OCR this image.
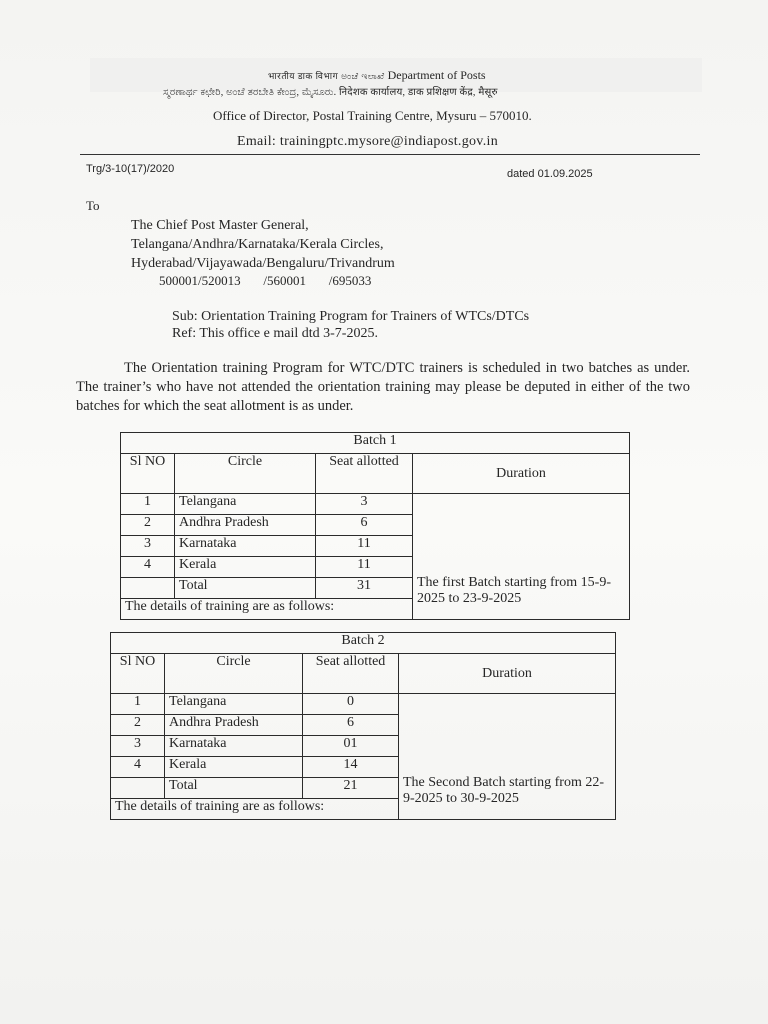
भारतीय डाक विभाग ಅಂಚೆ ಇಲಾಖೆ Department of Posts
ಸ್ಮರಣಾರ್ಥ ಕಛೇರಿ, ಅಂಚೆ ತರಬೇತಿ ಕೇಂದ್ರ, ಮೈಸೂರು. निदेशक कार्यालय, डाक प्रशिक्षण केंद्र, मैसूरु
Office of Director, Postal Training Centre, Mysuru – 570010.
Email: trainingptc.mysore@indiapost.gov.in
Trg/3-10(17)/2020	dated 01.09.2025
To
The Chief Post Master General,
Telangana/Andhra/Karnataka/Kerala Circles,
Hyderabad/Vijayawada/Bengaluru/Trivandrum
500001/520013       /560001       /695033
Sub: Orientation Training Program for Trainers of WTCs/DTCs
Ref: This office e mail dtd 3-7-2025.
The Orientation training Program for WTC/DTC trainers is scheduled in two batches as under. The trainer’s who have not attended the orientation training may please be deputed in either of the two batches for which the seat allotment is as under.
Batch 1			
Sl NO	Circle	Seat allotted	Duration
1	Telangana	3	The first Batch starting from 15-9-2025 to 23-9-2025
2	Andhra Pradesh	6	
3	Karnataka	11	
4	Kerala	11	
	Total	31	
The details of training are as follows:			
Batch 2			
Sl NO	Circle	Seat allotted	Duration
1	Telangana	0	The Second Batch starting from 22-9-2025 to 30-9-2025
2	Andhra Pradesh	6	
3	Karnataka	01	
4	Kerala	14	
	Total	21	
The details of training are as follows:			
